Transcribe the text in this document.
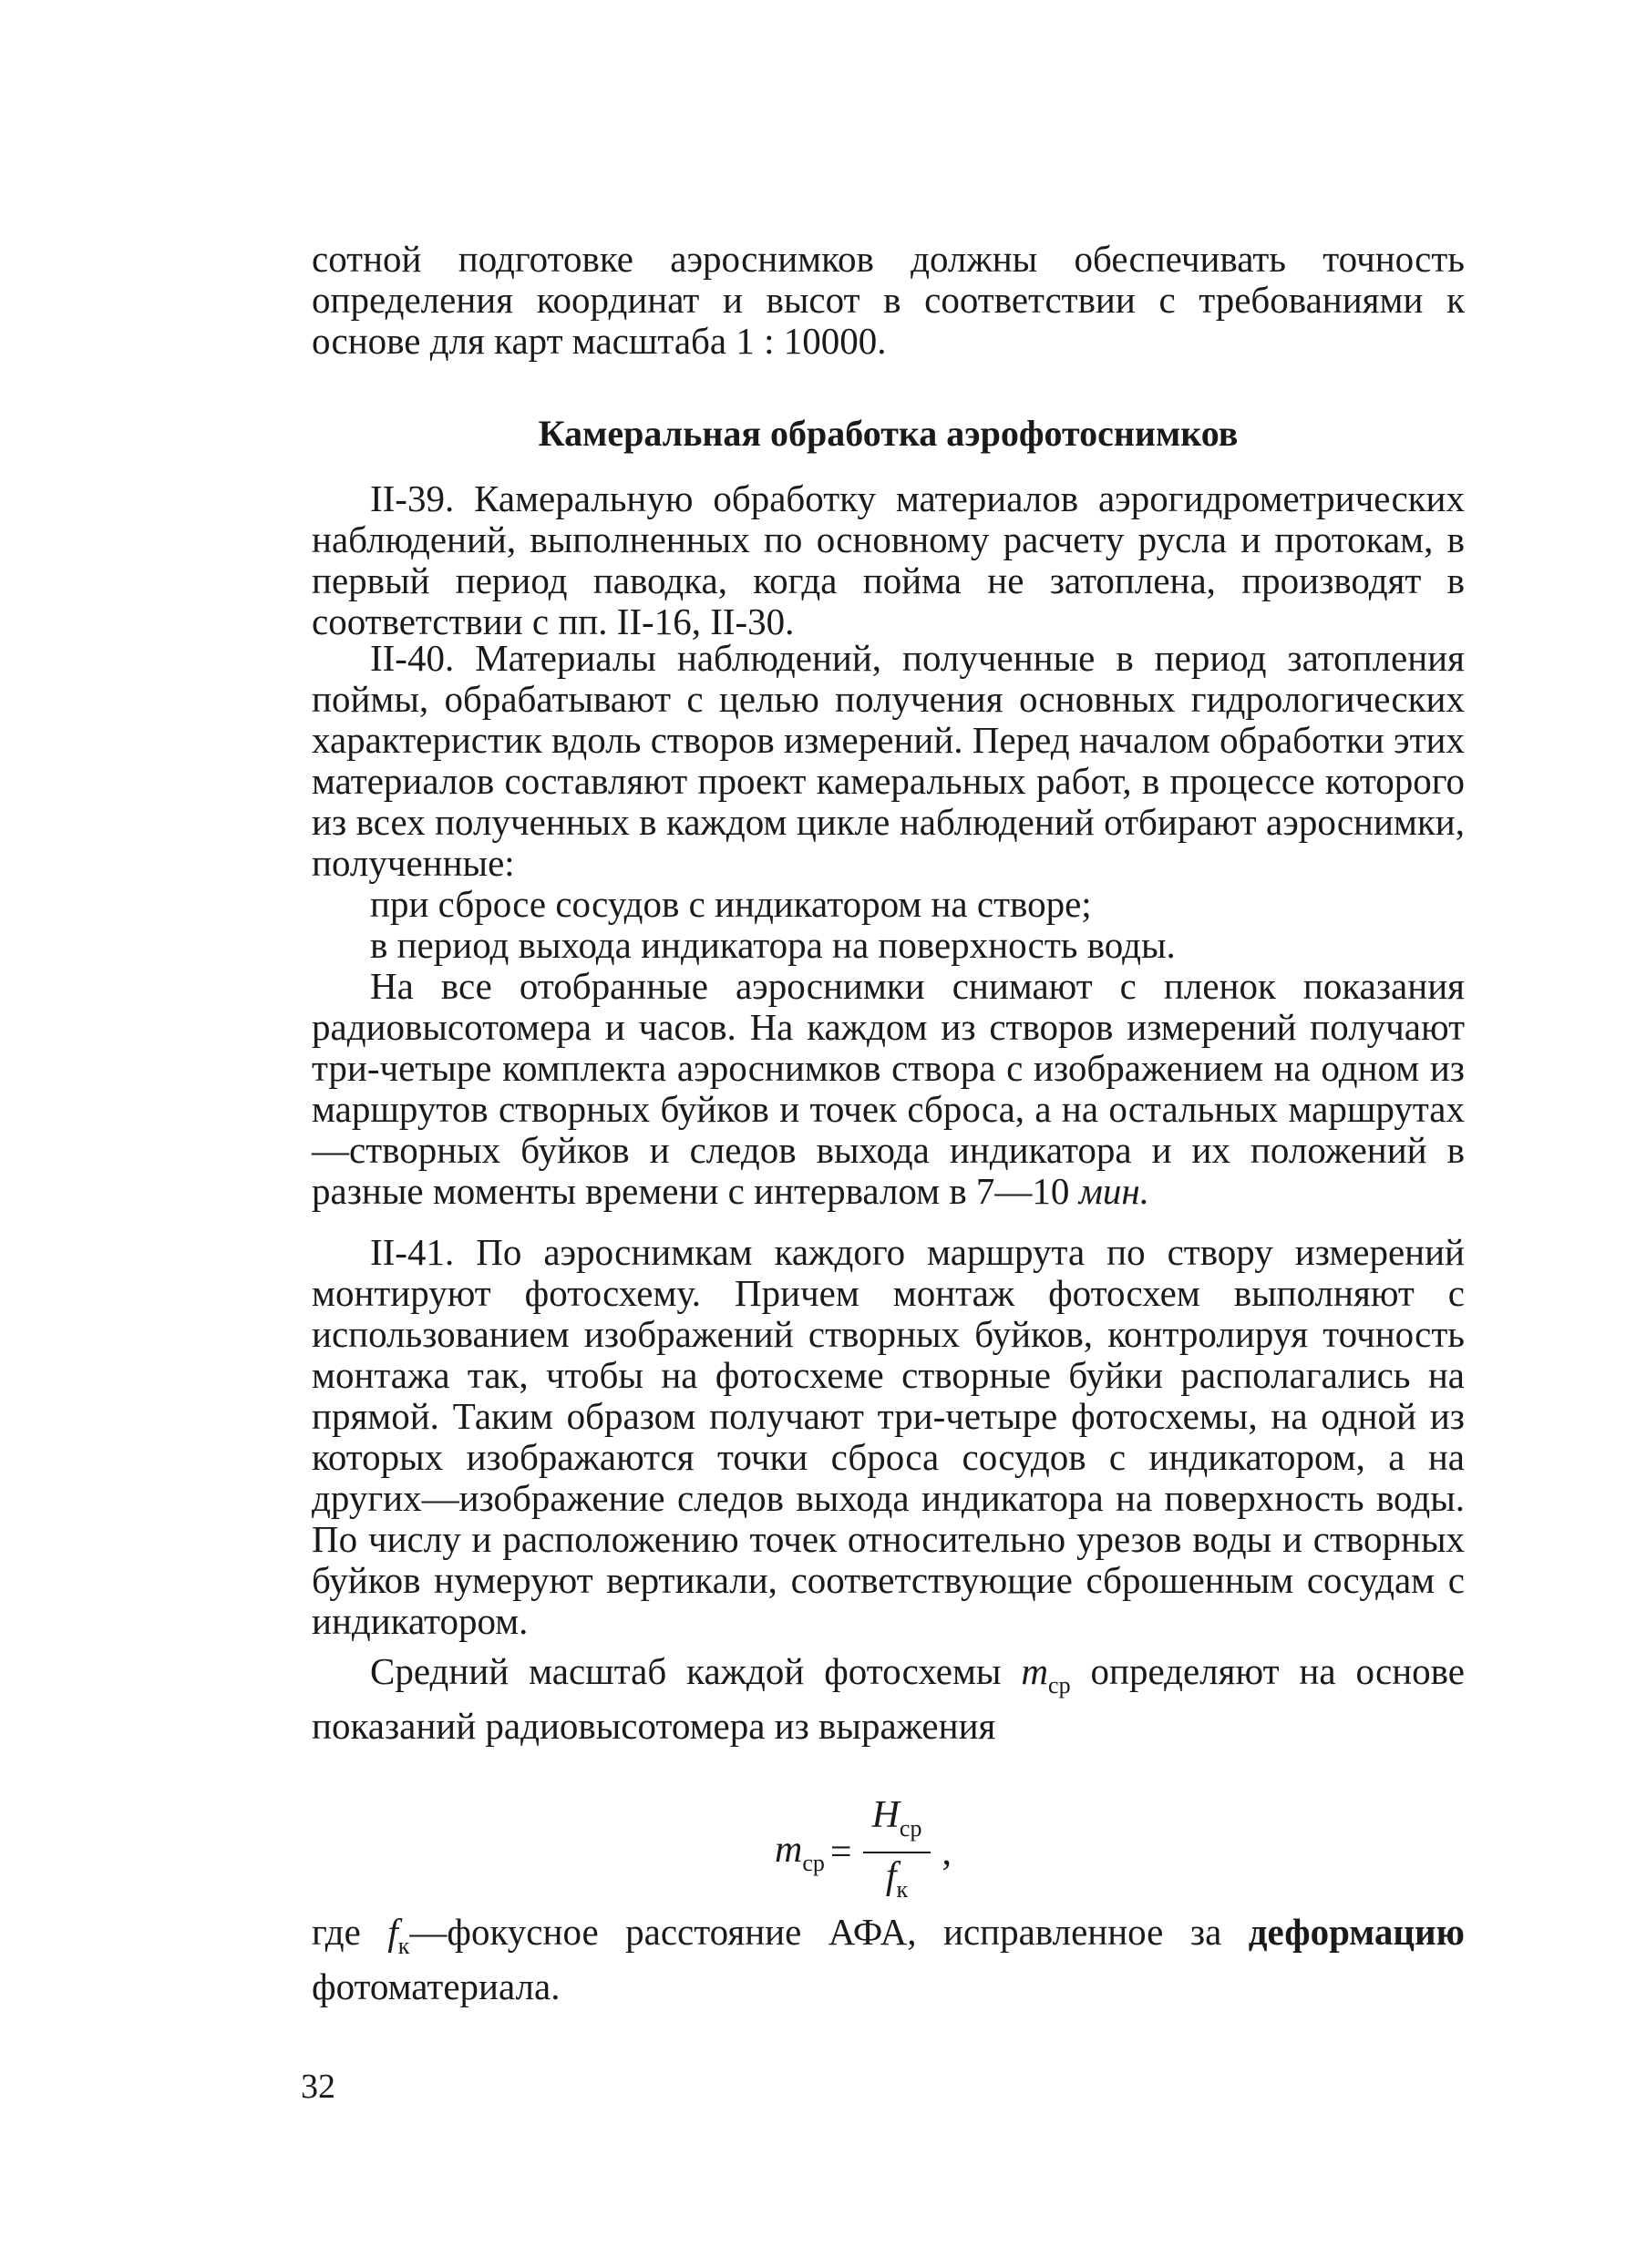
сотной подготовке аэроснимков должны обеспечивать точность определения координат и высот в соответствии с требованиями к основе для карт масштаба 1 : 10000.

Камеральная обработка аэрофотоснимков

II-39. Камеральную обработку материалов аэрогидрометрических наблюдений, выполненных по основному расчету русла и протокам, в первый период паводка, когда пойма не затоплена, производят в соответствии с пп. II-16, II-30.

II-40. Материалы наблюдений, полученные в период затопления поймы, обрабатывают с целью получения основных гидрологических характеристик вдоль створов измерений. Перед началом обработки этих материалов составляют проект камеральных работ, в процессе которого из всех полученных в каждом цикле наблюдений отбирают аэроснимки, полученные:

при сбросе сосудов с индикатором на створе;

в период выхода индикатора на поверхность воды.

На все отобранные аэроснимки снимают с пленок показания радиовысотомера и часов. На каждом из створов измерений получают три-четыре комплекта аэроснимков створа с изображением на одном из маршрутов створных буйков и точек сброса, а на остальных маршрутах—створных буйков и следов выхода индикатора и их положений в разные моменты времени с интервалом в 7—10 мин.

II-41. По аэроснимкам каждого маршрута по створу измерений монтируют фотосхему. Причем монтаж фотосхем выполняют с использованием изображений створных буйков, контролируя точность монтажа так, чтобы на фотосхеме створные буйки располагались на прямой. Таким образом получают три-четыре фотосхемы, на одной из которых изображаются точки сброса сосудов с индикатором, а на других—изображение следов выхода индикатора на поверхность воды. По числу и расположению точек относительно урезов воды и створных буйков нумеруют вертикали, соответствующие сброшенным сосудам с индикатором.

Средний масштаб каждой фотосхемы $m_{ср}$ определяют на основе показаний радиовысотомера из выражения

$m_{ср} = \frac{H_{ср}}{f_к}$ ,

где $f_к—фокусное$ расстояние АФА, исправленное за деформацию фотоматериала.

32
